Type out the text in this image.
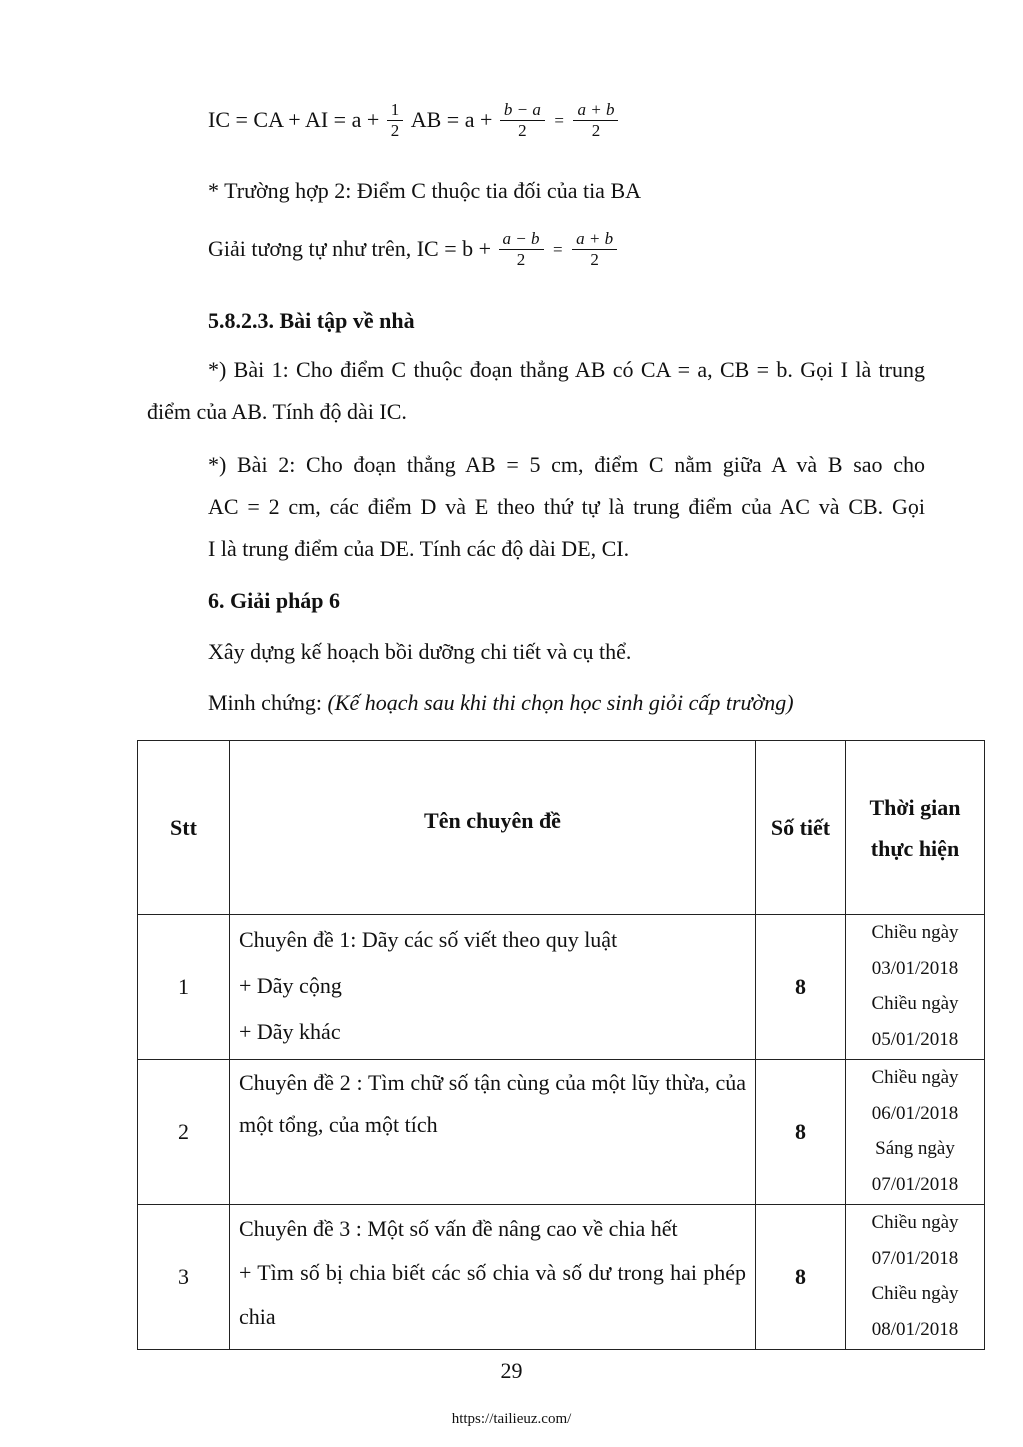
IC = CA + AI = $a + \frac{1}{2}$ AB = $a + \frac{b - a}{2} = \frac{a + b}{2}$
* Trường hợp 2: Điểm C thuộc tia đối của tia BA
Giải tương tự như trên, IC = $b + \frac{a - b}{2} = \frac{a + b}{2}$
5.8.2.3. Bài tập về nhà
*) Bài 1: Cho điểm C thuộc đoạn thẳng AB có CA = a, CB = b. Gọi I là trung điểm của AB. Tính độ dài IC.
*) Bài 2: Cho đoạn thẳng AB = 5 cm, điểm C nằm giữa A và B sao cho
AC = 2 cm, các điểm D và E theo thứ tự là trung điểm của AC và CB. Gọi
I là trung điểm của DE. Tính các độ dài DE, CI.
6. Giải pháp 6
Xây dựng kế hoạch bồi dưỡng chi tiết và cụ thể.
Minh chứng: (Kế hoạch sau khi thi chọn học sinh giỏi cấp trường)
Stt	Tên chuyên đề	Số tiết	Thời gian
thực hiện

1	Chuyên đề 1: Dãy các số viết theo quy luật
+ Dãy cộng
+ Dãy khác	8	Chiều ngày
03/01/2018
Chiều ngày
05/01/2018

2	Chuyên đề 2 : Tìm chữ số tận cùng của một lũy thừa, của một tổng, của một tích	8	Chiều ngày
06/01/2018
Sáng ngày
07/01/2018

3	Chuyên đề 3 : Một số vấn đề nâng cao về chia hết
+ Tìm số bị chia biết các số chia và số dư trong hai phép chia	8	Chiều ngày
07/01/2018
Chiều ngày
08/01/2018
29
https://tailieuz.com/
